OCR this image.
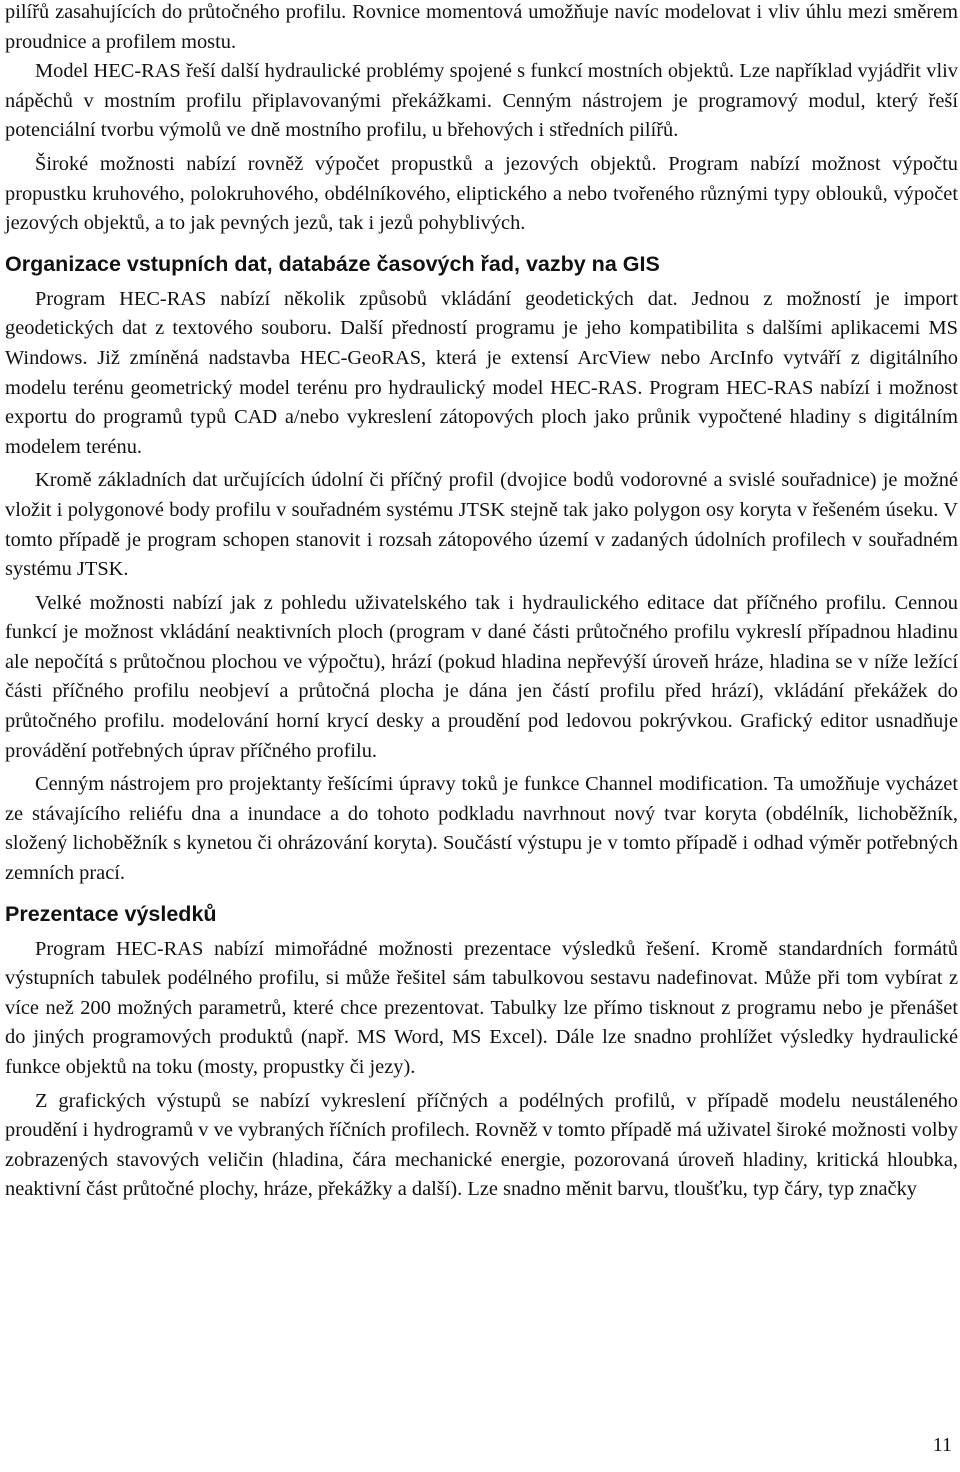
pilířů zasahujících do průtočného profilu. Rovnice momentová umožňuje navíc modelovat i vliv úhlu mezi směrem proudnice a profilem mostu.

Model HEC-RAS řeší další hydraulické problémy spojené s funkcí mostních objektů. Lze například vyjádřit vliv nápěchů v mostním profilu připlavovanými překážkami. Cenným nástrojem je programový modul, který řeší potenciální tvorbu výmolů ve dně mostního profilu, u břehových i středních pilířů.

Široké možnosti nabízí rovněž výpočet propustků a jezových objektů. Program nabízí možnost výpočtu propustku kruhového, polokruhového, obdélníkového, eliptického a nebo tvořeného různými typy oblouků, výpočet jezových objektů, a to jak pevných jezů, tak i jezů pohyblivých.

Organizace vstupních dat, databáze časových řad, vazby na GIS

Program HEC-RAS nabízí několik způsobů vkládání geodetických dat. Jednou z možností je import geodetických dat z textového souboru. Další předností programu je jeho kompatibilita s dalšími aplikacemi MS Windows. Již zmíněná nadstavba HEC-GeoRAS, která je extensí ArcView nebo ArcInfo vytváří z digitálního modelu terénu geometrický model terénu pro hydraulický model HEC-RAS. Program HEC-RAS nabízí i možnost exportu do programů typů CAD a/nebo vykreslení zátopových ploch jako průnik vypočtené hladiny s digitálním modelem terénu.

Kromě základních dat určujících údolní či příčný profil (dvojice bodů vodorovné a svislé souřadnice) je možné vložit i polygonové body profilu v souřadném systému JTSK stejně tak jako polygon osy koryta v řešeném úseku. V tomto případě je program schopen stanovit i rozsah zátopového území v zadaných údolních profilech v souřadném systému JTSK.

Velké možnosti nabízí jak z pohledu uživatelského tak i hydraulického editace dat příčného profilu. Cennou funkcí je možnost vkládání neaktivních ploch (program v dané části průtočného profilu vykreslí případnou hladinu ale nepočítá s průtočnou plochou ve výpočtu), hrází (pokud hladina nepřevýší úroveň hráze, hladina se v níže ležící části příčného profilu neobjeví a průtočná plocha je dána jen částí profilu před hrází), vkládání překážek do průtočného profilu. modelování horní krycí desky a proudění pod ledovou pokrývkou. Grafický editor usnadňuje provádění potřebných úprav příčného profilu.

Cenným nástrojem pro projektanty řešícími úpravy toků je funkce Channel modification. Ta umožňuje vycházet ze stávajícího reliéfu dna a inundace a do tohoto podkladu navrhnout nový tvar koryta (obdélník, lichoběžník, složený lichoběžník s kynetou či ohrázování koryta). Součástí výstupu je v tomto případě i odhad výměr potřebných zemních prací.

Prezentace výsledků

Program HEC-RAS nabízí mimořádné možnosti prezentace výsledků řešení. Kromě standardních formátů výstupních tabulek podélného profilu, si může řešitel sám tabulkovou sestavu nadefinovat. Může při tom vybírat z více než 200 možných parametrů, které chce prezentovat. Tabulky lze přímo tisknout z programu nebo je přenášet do jiných programových produktů (např. MS Word, MS Excel). Dále lze snadno prohlížet výsledky hydraulické funkce objektů na toku (mosty, propustky či jezy).

Z grafických výstupů se nabízí vykreslení příčných a podélných profilů, v případě modelu neustáleného proudění i hydrogramů v ve vybraných říčních profilech. Rovněž v tomto případě má uživatel široké možnosti volby zobrazených stavových veličin (hladina, čára mechanické energie, pozorovaná úroveň hladiny, kritická hloubka, neaktivní část průtočné plochy, hráze, překážky a další). Lze snadno měnit barvu, tloušťku, typ čáry, typ značky

11
